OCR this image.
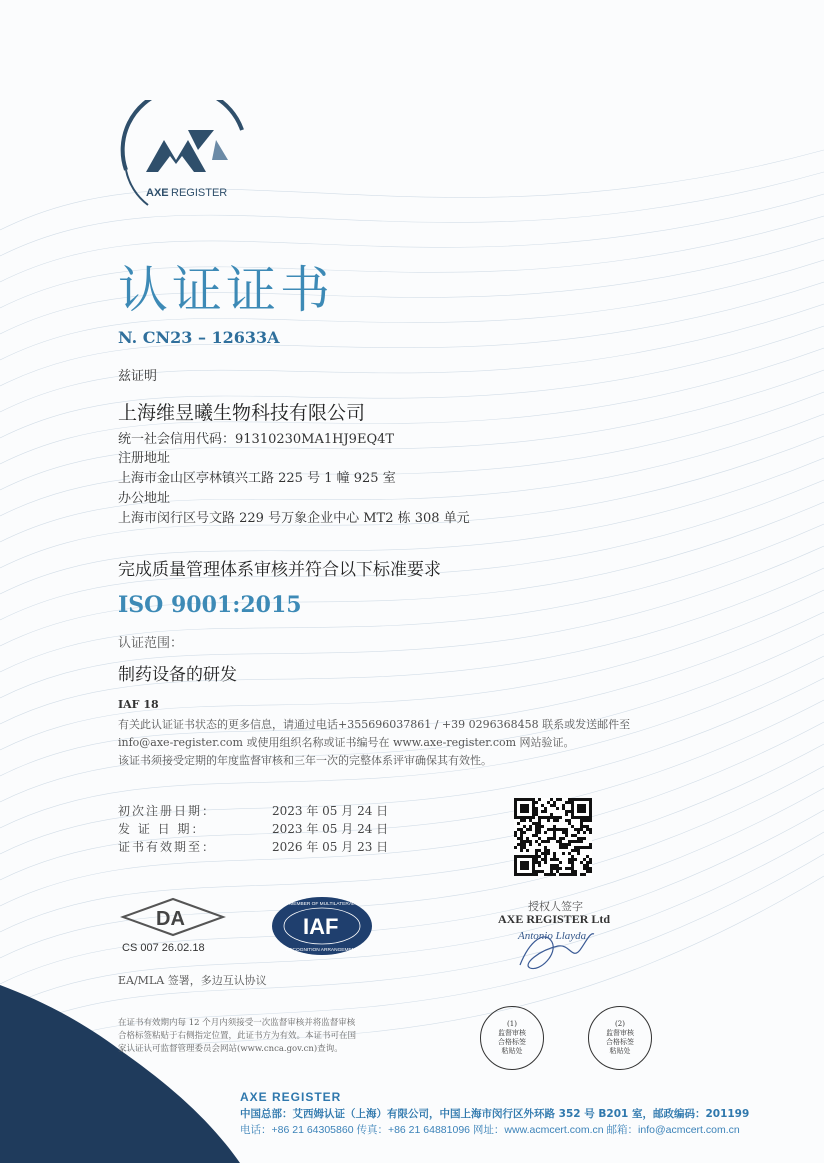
AXE REGISTER
认证证书
N. CN23 – 12633A
兹证明
上海维昱曦生物科技有限公司
统一社会信用代码：91310230MA1HJ9EQ4T
注册地址
上海市金山区亭林镇兴工路 225 号 1 幢 925 室
办公地址
上海市闵行区号文路 229 号万象企业中心 MT2 栋 308 单元
完成质量管理体系审核并符合以下标准要求
ISO 9001:2015
认证范围：
制药设备的研发
IAF 18
有关此认证证书状态的更多信息，请通过电话+355696037861 / +39 0296368458 联系或发送邮件至
info@axe-register.com 或使用组织名称或证书编号在 www.axe-register.com 网站验证。
该证书须接受定期的年度监督审核和三年一次的完整体系评审确保其有效性。
初次注册日期：	2023 年 05 月 24 日
发 证 日 期：	2023 年 05 月 24 日
证书有效期至：	2026 年 05 月 23 日
DA
CS 007 26.02.18
IAF
MEMBER OF MULTILATERAL
RECOGNITION ARRANGEMENT
EA/MLA 签署，多边互认协议
授权人签字
AXE REGISTER Ltd
Antonio Llayda
在证书有效期内每 12 个月内须接受一次监督审核并将监督审核
合格标签粘贴于右侧指定位置，此证书方为有效。本证书可在国
家认证认可监督管理委员会网站(www.cnca.gov.cn)查询。
(1)
监督审核
合格标签
粘贴处
(2)
监督审核
合格标签
粘贴处
AXE REGISTER
中国总部：艾西姆认证（上海）有限公司，中国上海市闵行区外环路 352 号 B201 室，邮政编码：201199
电话：+86 21 64305860 传真：+86 21 64881096 网址：www.acmcert.com.cn 邮箱：info@acmcert.com.cn
